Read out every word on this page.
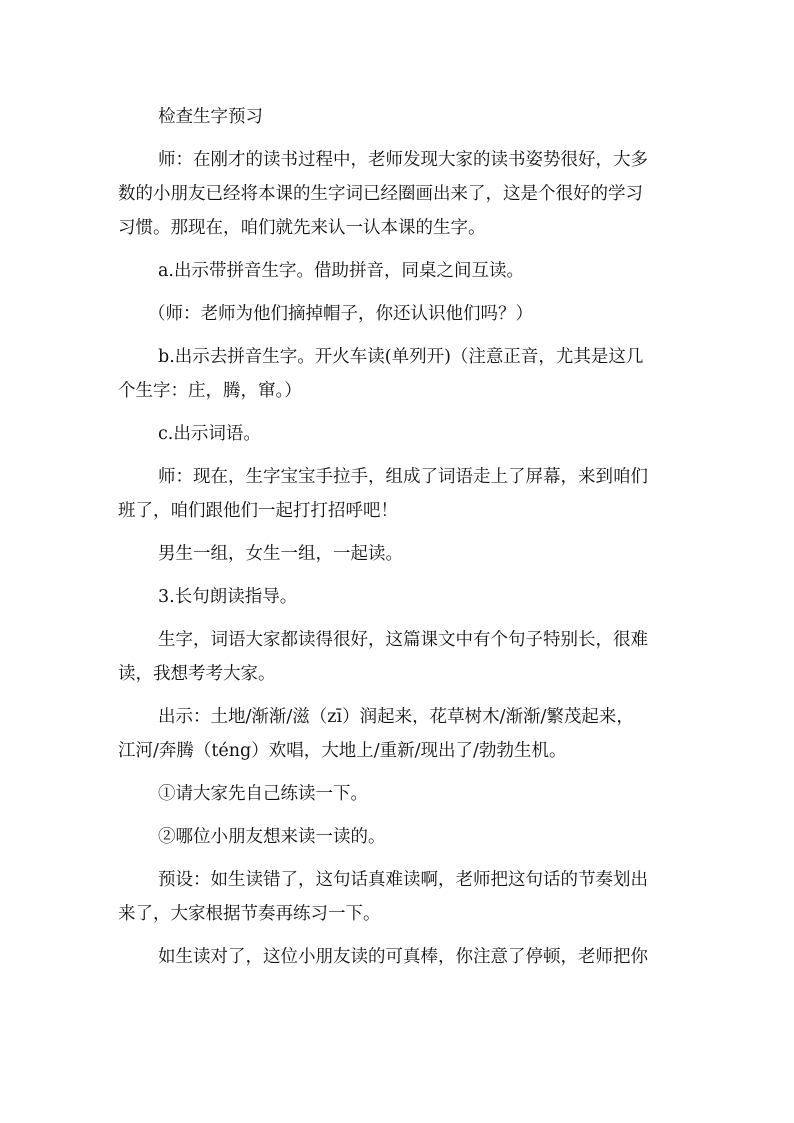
检查生字预习
师：在刚才的读书过程中，老师发现大家的读书姿势很好，大多
数的小朋友已经将本课的生字词已经圈画出来了，这是个很好的学习
习惯。那现在，咱们就先来认一认本课的生字。
a.出示带拼音生字。借助拼音，同桌之间互读。
（师：老师为他们摘掉帽子，你还认识他们吗？）
b.出示去拼音生字。开火车读(单列开)（注意正音，尤其是这几
个生字：庄，腾，窜。）
c.出示词语。
师：现在，生字宝宝手拉手，组成了词语走上了屏幕，来到咱们
班了，咱们跟他们一起打打招呼吧！
男生一组，女生一组，一起读。
3.长句朗读指导。
生字，词语大家都读得很好，这篇课文中有个句子特别长，很难
读，我想考考大家。
出示：土地/渐渐/滋（zī）润起来，花草树木/渐渐/繁茂起来，
江河/奔腾（téng）欢唱，大地上/重新/现出了/勃勃生机。
①请大家先自己练读一下。
②哪位小朋友想来读一读的。
预设：如生读错了，这句话真难读啊，老师把这句话的节奏划出
来了，大家根据节奏再练习一下。
如生读对了，这位小朋友读的可真棒，你注意了停顿，老师把你
